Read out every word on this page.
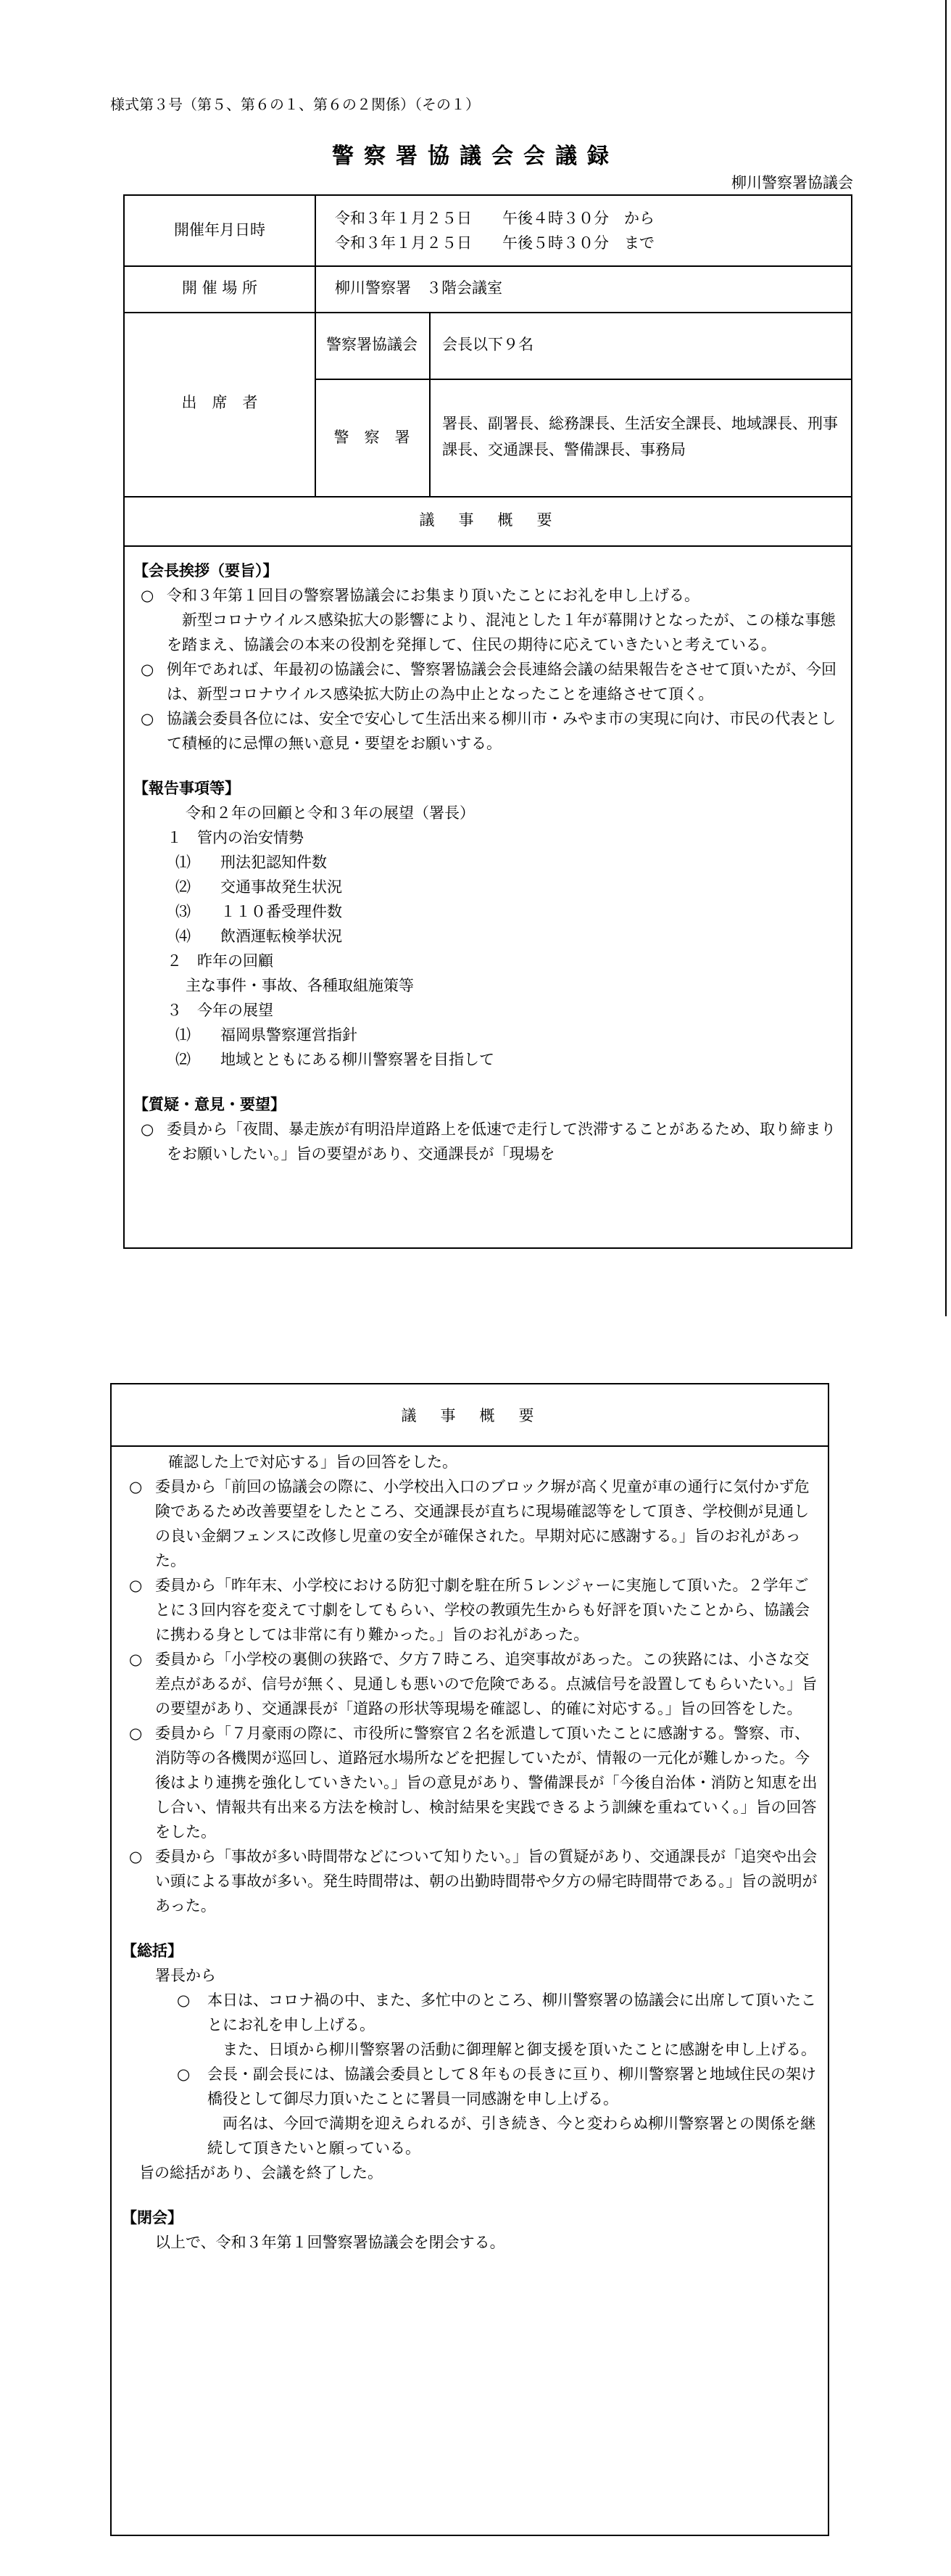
様式第３号（第５、第６の１、第６の２関係）（その１）
警察署協議会会議録
柳川警察署協議会
開催年月日時
令和３年１月２５日　　午後４時３０分　から
令和３年１月２５日　　午後５時３０分　まで
開 催 場 所	柳川警察署　３階会議室
出　席　者
警察署協議会	会長以下９名
警　察　署
署長、副署長、総務課長、生活安全課長、地域課長、刑事課長、交通課長、警備課長、事務局
議　事　概　要

【会長挨拶（要旨）】

○ 令和３年第１回目の警察署協議会にお集まり頂いたことにお礼を申し上げる。

新型コロナウイルス感染拡大の影響により、混沌とした１年が幕開けとなったが、この様な事態を踏まえ、協議会の本来の役割を発揮して、住民の期待に応えていきたいと考えている。

○ 例年であれば、年最初の協議会に、警察署協議会会長連絡会議の結果報告をさせて頂いたが、今回は、新型コロナウイルス感染拡大防止の為中止となったことを連絡させて頂く。

○ 協議会委員各位には、安全で安心して生活出来る柳川市・みやま市の実現に向け、市民の代表として積極的に忌憚の無い意見・要望をお願いする。

【報告事項等】

令和２年の回顧と令和３年の展望（署長）

１　 管内の治安情勢

⑴ 刑法犯認知件数
⑵ 交通事故発生状況
⑶ １１０番受理件数
⑷ 飲酒運転検挙状況

２　 昨年の回顧

主な事件・事故、各種取組施策等

３　 今年の展望

⑴ 福岡県警察運営指針
⑵ 地域とともにある柳川警察署を目指して

【質疑・意見・要望】

○ 委員から「夜間、暴走族が有明沿岸道路上を低速で走行して渋滞することがあるため、取り締まりをお願いしたい。」旨の要望があり、交通課長が「現場を

議　事　概　要

確認した上で対応する」旨の回答をした。

○ 委員から「前回の協議会の際に、小学校出入口のブロック塀が高く児童が車の通行に気付かず危険であるため改善要望をしたところ、交通課長が直ちに現場確認等をして頂き、学校側が見通しの良い金網フェンスに改修し児童の安全が確保された。早期対応に感謝する。」旨のお礼があった。

○ 委員から「昨年末、小学校における防犯寸劇を駐在所５レンジャーに実施して頂いた。２学年ごとに３回内容を変えて寸劇をしてもらい、学校の教頭先生からも好評を頂いたことから、協議会に携わる身としては非常に有り難かった。」旨のお礼があった。

○ 委員から「小学校の裏側の狭路で、夕方７時ころ、追突事故があった。この狭路には、小さな交差点があるが、信号が無く、見通しも悪いので危険である。点滅信号を設置してもらいたい。」旨の要望があり、交通課長が「道路の形状等現場を確認し、的確に対応する。」旨の回答をした。

○ 委員から「７月豪雨の際に、市役所に警察官２名を派遣して頂いたことに感謝する。警察、市、消防等の各機関が巡回し、道路冠水場所などを把握していたが、情報の一元化が難しかった。今後はより連携を強化していきたい。」旨の意見があり、警備課長が「今後自治体・消防と知恵を出し合い、情報共有出来る方法を検討し、検討結果を実践できるよう訓練を重ねていく。」旨の回答をした。

○ 委員から「事故が多い時間帯などについて知りたい。」旨の質疑があり、交通課長が「追突や出会い頭による事故が多い。発生時間帯は、朝の出勤時間帯や夕方の帰宅時間帯である。」旨の説明があった。

【総括】

署長から

○ 本日は、コロナ禍の中、また、多忙中のところ、柳川警察署の協議会に出席して頂いたことにお礼を申し上げる。

また、日頃から柳川警察署の活動に御理解と御支援を頂いたことに感謝を申し上げる。

○ 会長・副会長には、協議会委員として８年もの長きに亘り、柳川警察署と地域住民の架け橋役として御尽力頂いたことに署員一同感謝を申し上げる。

両名は、今回で満期を迎えられるが、引き続き、今と変わらぬ柳川警察署との関係を継続して頂きたいと願っている。

旨の総括があり、会議を終了した。

【閉会】

以上で、令和３年第１回警察署協議会を閉会する。
